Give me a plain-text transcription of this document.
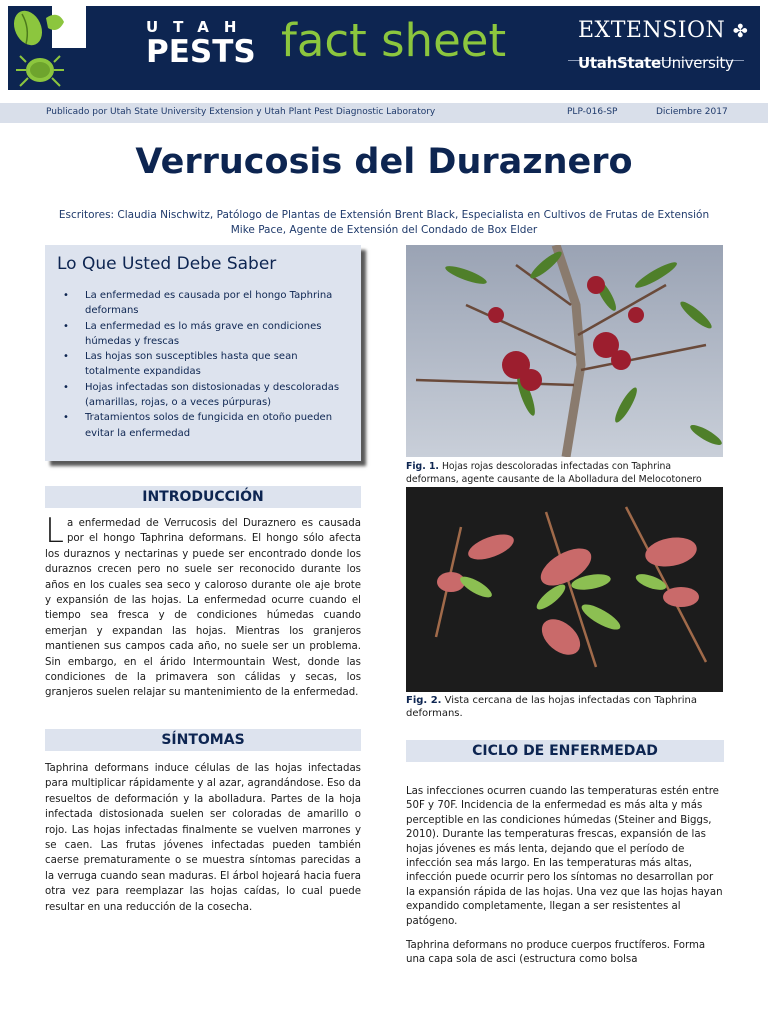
UTAH
PESTS fact sheet	EXTENSION ✤
UtahStateUniversity
Publicado por Utah State University Extension y Utah Plant Pest Diagnostic Laboratory	PLP-016-SP	Diciembre 2017
Verrucosis del Duraznero
Escritores: Claudia Nischwitz, Patólogo de Plantas de Extensión Brent Black, Especialista en Cultivos de Frutas de Extensión
Mike Pace, Agente de Extensión del Condado de Box Elder
Lo Que Usted Debe Saber
• La enfermedad es causada por el hongo Taphrina deformans
• La enfermedad es lo más grave en condiciones húmedas y frescas
• Las hojas son susceptibles hasta que sean totalmente expandidas
• Hojas infectadas son distosionadas y descoloradas (amarillas, rojas, o a veces púrpuras)
• Tratamientos solos de fungicida en otoño pueden evitar la enfermedad
INTRODUCCIÓN
La enfermedad de Verrucosis del Duraznero es causada por el hongo Taphrina deformans. El hongo sólo afecta los duraznos y nectarinas y puede ser encontrado donde los duraznos crecen pero no suele ser reconocido durante los años en los cuales sea seco y caloroso durante ole aje brote y expansión de las hojas. La enfermedad ocurre cuando el tiempo sea fresca y de condiciones húmedas cuando emerjan y expandan las hojas. Mientras los granjeros mantienen sus campos cada año, no suele ser un problema. Sin embargo, en el árido Intermountain West, donde las condiciones de la primavera son cálidas y secas, los granjeros suelen relajar su mantenimiento de la enfermedad.
SÍNTOMAS
Taphrina deformans induce células de las hojas infectadas para multiplicar rápidamente y al azar, agrandándose. Eso da resueltos de deformación y la abolladura. Partes de la hoja infectada distosionada suelen ser coloradas de amarillo o rojo. Las hojas infectadas finalmente se vuelven marrones y se caen. Las frutas jóvenes infectadas pueden también caerse prematuramente o se muestra síntomas parecidas a la verruga cuando sean maduras. El árbol hojeará hacia fuera otra vez para reemplazar las hojas caídas, lo cual puede resultar en una reducción de la cosecha.
Fig. 1. Hojas rojas descoloradas infectadas con Taphrina deformans, agente causante de la Abolladura del Melocotonero
Fig. 2. Vista cercana de las hojas infectadas con Taphrina deformans.
CICLO DE ENFERMEDAD
Las infecciones ocurren cuando las temperaturas estén entre 50F y 70F. Incidencia de la enfermedad es más alta y más perceptible en las condiciones húmedas (Steiner and Biggs, 2010). Durante las temperaturas frescas, expansión de las hojas jóvenes es más lenta, dejando que el período de infección sea más largo. En las temperaturas más altas, infección puede ocurrir pero los síntomas no desarrollan por la expansión rápida de las hojas. Una vez que las hojas hayan expandido completamente, llegan a ser resistentes al patógeno.
Taphrina deformans no produce cuerpos fructíferos. Forma una capa sola de asci (estructura como bolsa
